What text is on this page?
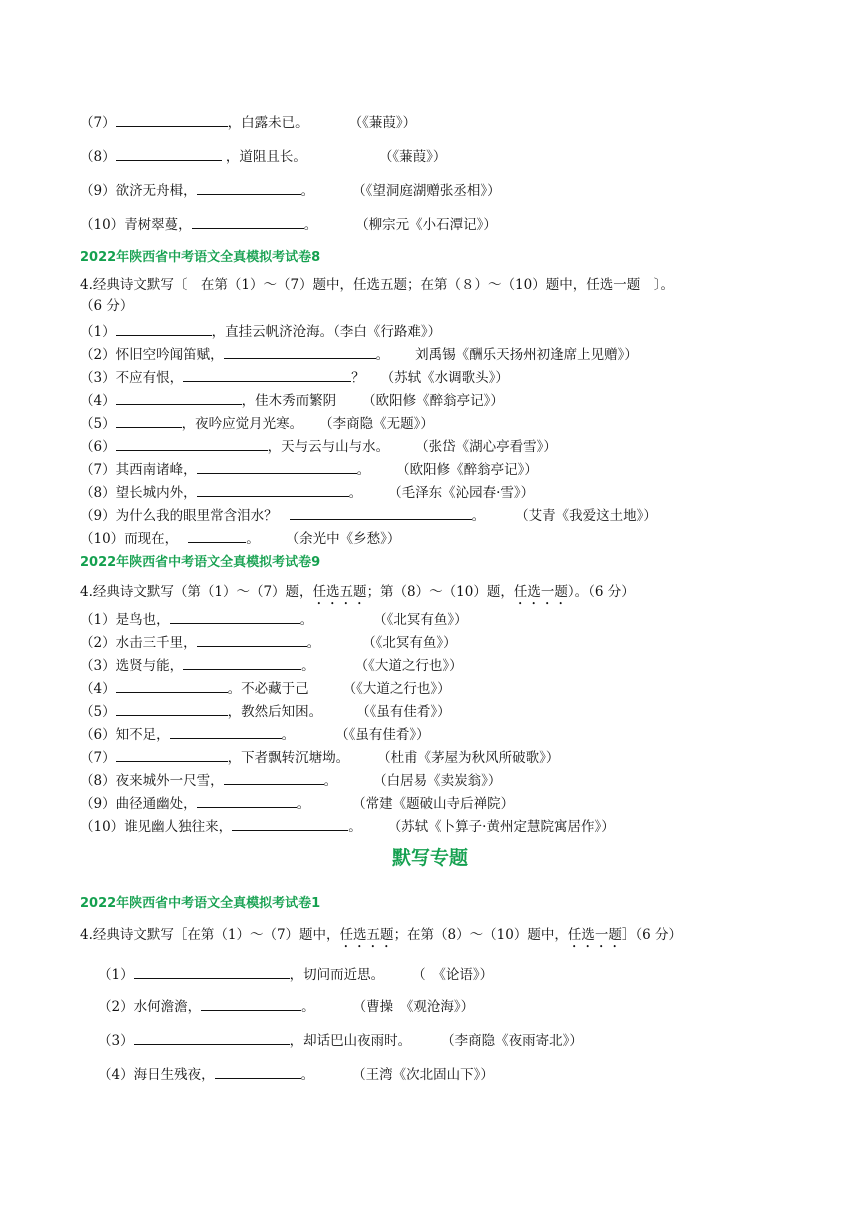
（7）	，白露未已。	（《蒹葭》）
（8）	，道阻且长。	（《蒹葭》）
（9）欲济无舟楫，	。	（《望洞庭湖赠张丞相》）
（10）青树翠蔓，	。	（柳宗元《小石潭记》）
2022年陕西省中考语文全真模拟考试卷8
4.经典诗文默写〔　在第（1）～（7）题中，任选五题；在第（８）～（10）题中，任选一题　〕。
（6 分）
（1）	，直挂云帆济沧海。（李白《行路难》）
（2）怀旧空吟闻笛赋，	。 刘禹锡《酬乐天扬州初逢席上见赠》）
（3）不应有恨，	？ （苏轼《水调歌头》）
（4）	，佳木秀而繁阴 （欧阳修《醉翁亭记》）
（5）	，夜吟应觉月光寒。 （李商隐《无题》）
（6）	，天与云与山与水。 （张岱《湖心亭看雪》）
（7）其西南诸峰，	。 （欧阳修《醉翁亭记》）
（8）望长城内外，	。 （毛泽东《沁园春·雪》）
（9）为什么我的眼里常含泪水？	。 （艾青《我爱这土地》）
（10）而现在，	。 （余光中《乡愁》）
2022年陕西省中考语文全真模拟考试卷9
4.经典诗文默写（第（1）～（7）题，任选五题；第（8）～（10）题，任选一题）。（6 分）
（1）是鸟也，	。	（《北冥有鱼》）
（2）水击三千里，	。	（《北冥有鱼》）
（3）选贤与能，	。	（《大道之行也》）
（4）	。不必藏于己	（《大道之行也》）
（5）	，教然后知困。	（《虽有佳肴》）
（6）知不足，	。	（《虽有佳肴》）
（7）	，下者飘转沉塘坳。 （杜甫《茅屋为秋风所破歌》）
（8）夜来城外一尺雪，	。	（白居易《卖炭翁》）
（9）曲径通幽处，	。	（常建《题破山寺后禅院）
（10）谁见幽人独往来，	。 （苏轼《卜算子·黄州定慧院寓居作》）
默写专题
2022年陕西省中考语文全真模拟考试卷1
4.经典诗文默写［在第（1）～（7）题中，任选五题；在第（8）～（10）题中，任选一题］（6 分）
（1）	，切问而近思。 （　《论语》）
（2）水何澹澹，	。	（曹操　《观沧海》）
（3）	，却话巴山夜雨时。 （李商隐《夜雨寄北》）
（4）海日生残夜，	。	（王湾《次北固山下》）
